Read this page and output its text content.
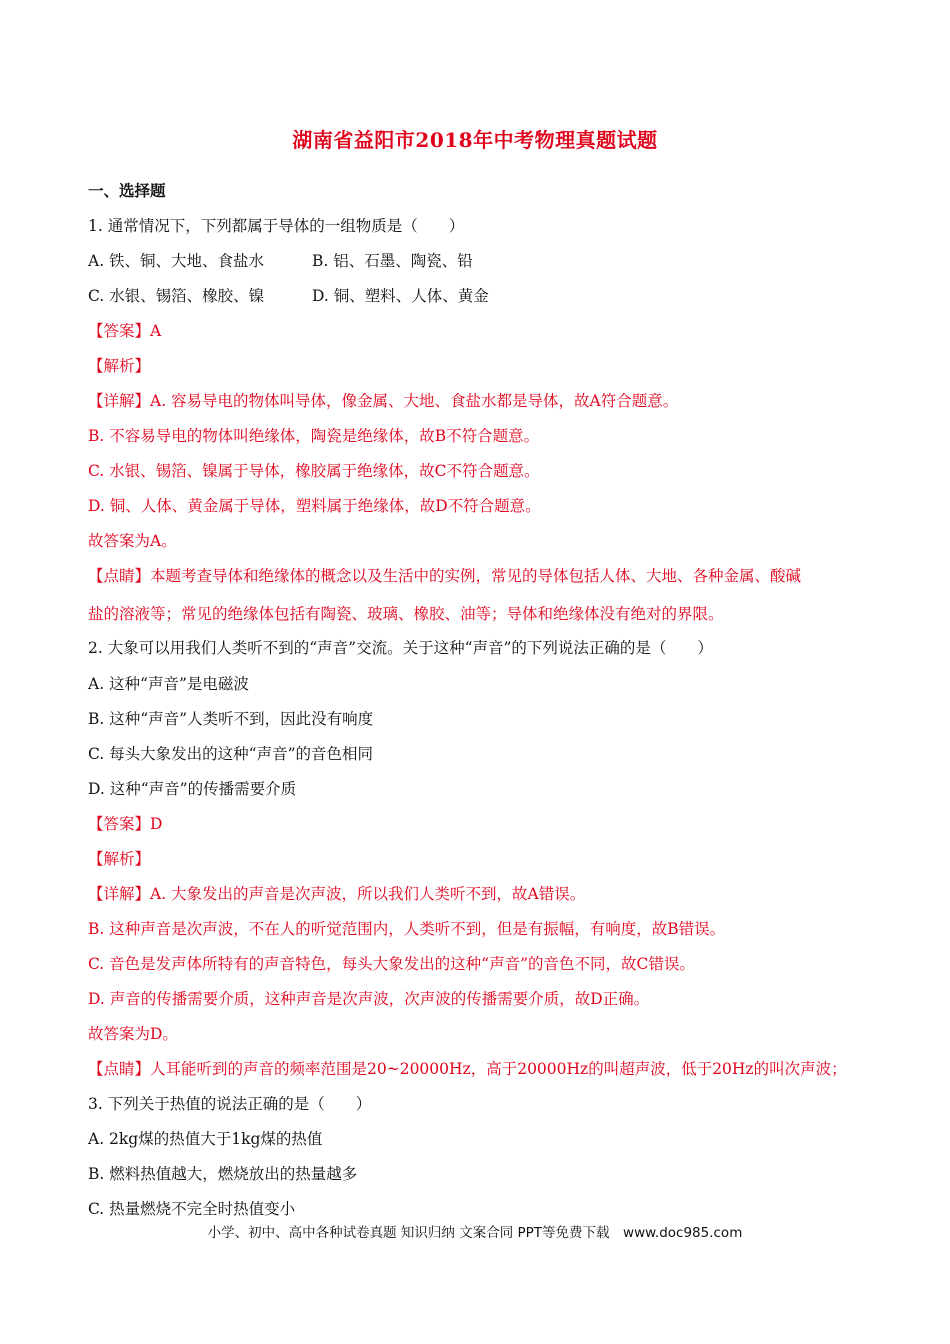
湖南省益阳市2018年中考物理真题试题
一、选择题
1. 通常情况下，下列都属于导体的一组物质是（　　）
A. 铁、铜、大地、食盐水	B. 铝、石墨、陶瓷、铅
C. 水银、锡箔、橡胶、镍	D. 铜、塑料、人体、黄金
【答案】A
【解析】
【详解】A. 容易导电的物体叫导体，像金属、大地、食盐水都是导体，故A符合题意。
B. 不容易导电的物体叫绝缘体，陶瓷是绝缘体，故B不符合题意。
C. 水银、锡箔、镍属于导体，橡胶属于绝缘体，故C不符合题意。
D. 铜、人体、黄金属于导体，塑料属于绝缘体，故D不符合题意。
故答案为A。
【点睛】本题考查导体和绝缘体的概念以及生活中的实例，常见的导体包括人体、大地、各种金属、酸碱
盐的溶液等；常见的绝缘体包括有陶瓷、玻璃、橡胶、油等；导体和绝缘体没有绝对的界限。
2. 大象可以用我们人类听不到的“声音”交流。关于这种“声音”的下列说法正确的是（　　）
A. 这种“声音”是电磁波
B. 这种“声音”人类听不到，因此没有响度
C. 每头大象发出的这种“声音”的音色相同
D. 这种“声音”的传播需要介质
【答案】D
【解析】
【详解】A. 大象发出的声音是次声波，所以我们人类听不到，故A错误。
B. 这种声音是次声波，不在人的听觉范围内，人类听不到，但是有振幅，有响度，故B错误。
C. 音色是发声体所特有的声音特色，每头大象发出的这种“声音”的音色不同，故C错误。
D. 声音的传播需要介质，这种声音是次声波，次声波的传播需要介质，故D正确。
故答案为D。
【点睛】人耳能听到的声音的频率范围是20~20000Hz，高于20000Hz的叫超声波，低于20Hz的叫次声波；
3. 下列关于热值的说法正确的是（　　）
A. 2kg煤的热值大于1kg煤的热值
B. 燃料热值越大，燃烧放出的热量越多
C. 热量燃烧不完全时热值变小
小学、初中、高中各种试卷真题 知识归纳 文案合同 PPT等免费下载　www.doc985.com
